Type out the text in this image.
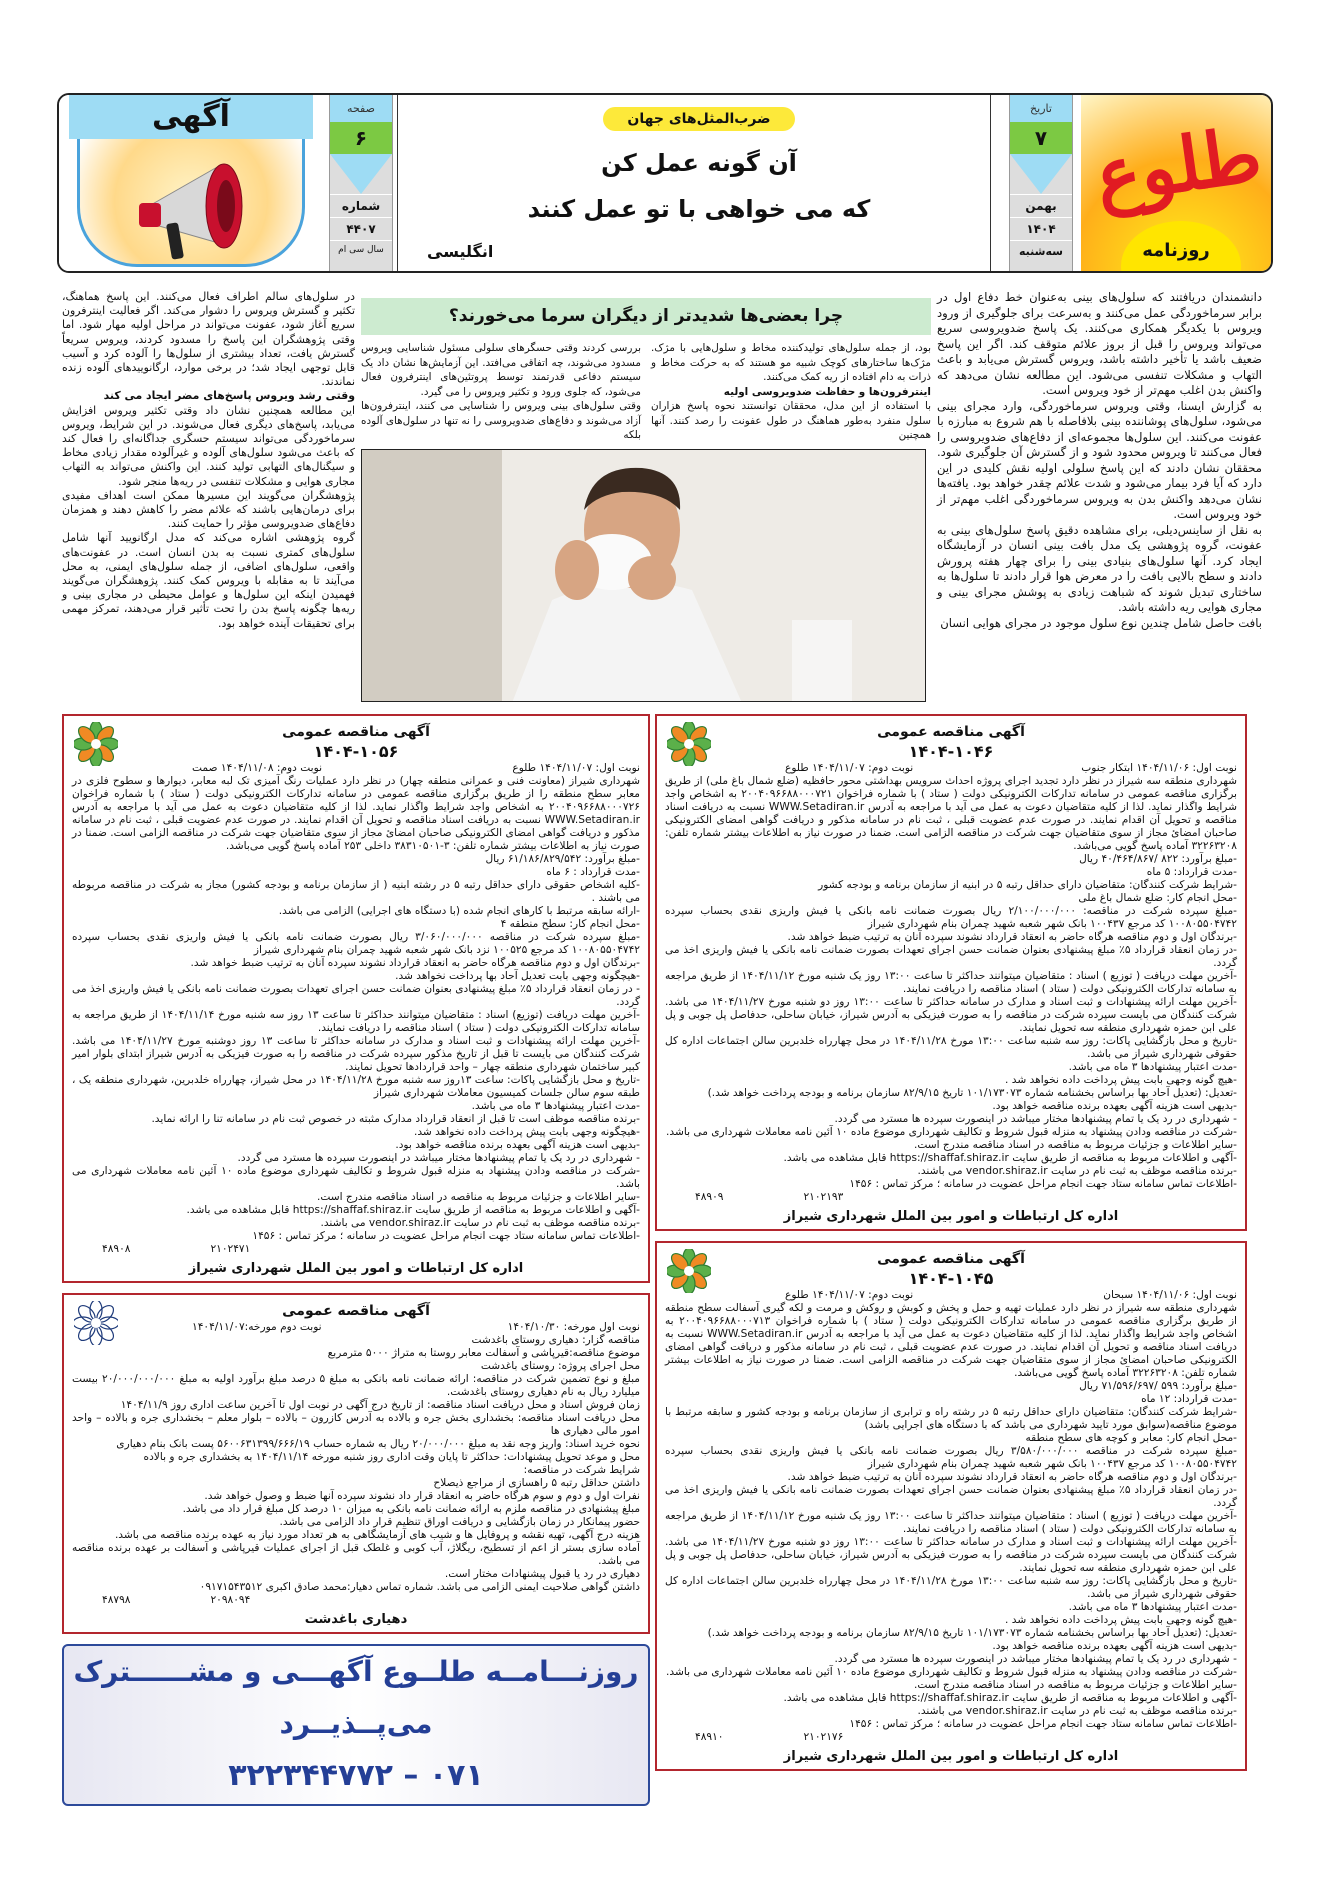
طلوع
روزنامه
تاریخ
۷
بهمن
۱۴۰۴
سه‌شنبه
ضرب‌المثل‌های جهان
آن گونه عمل کن
که می خواهی با تو عمل کنند
انگلیسی
صفحه
۶
شماره
۴۴۰۷
سال سی ام
آگهی

در سلول‌های سالم اطراف فعال می‌کنند. این پاسخ هماهنگ، تکثیر و گسترش ویروس را دشوار می‌کند. اگر فعالیت اینترفرون سریع آغاز شود، عفونت می‌تواند در مراحل اولیه مهار شود. اما وقتی پژوهشگران این پاسخ را مسدود کردند، ویروس سریعاً گسترش یافت، تعداد بیشتری از سلول‌ها را آلوده کرد و آسیب قابل توجهی ایجاد شد؛ در برخی موارد، ارگانوییدهای آلوده زنده نماندند.

وقتی رشد ویروس پاسخ‌های مضر ایجاد می کند

این مطالعه همچنین نشان داد وقتی تکثیر ویروس افزایش می‌یابد، پاسخ‌های دیگری فعال می‌شوند. در این شرایط، ویروس سرماخوردگی می‌تواند سیستم حسگری جداگانه‌ای را فعال کند که باعث می‌شود سلول‌های آلوده و غیرآلوده مقدار زیادی مخاط و سیگنال‌های التهابی تولید کنند. این واکنش می‌تواند به التهاب مجاری هوایی و مشکلات تنفسی در ریه‌ها منجر شود.

پژوهشگران می‌گویند این مسیرها ممکن است اهداف مفیدی برای درمان‌هایی باشند که علائم مضر را کاهش دهند و همزمان دفاع‌های ضدویروسی مؤثر را حمایت کنند.

گروه پژوهشی اشاره می‌کند که مدل ارگانویید آنها شامل سلول‌های کمتری نسبت به بدن انسان است. در عفونت‌های واقعی، سلول‌های اضافی، از جمله سلول‌های ایمنی، به محل می‌آیند تا به مقابله با ویروس کمک کنند. پژوهشگران می‌گویند فهمیدن اینکه این سلول‌ها و عوامل محیطی در مجاری بینی و ریه‌ها چگونه پاسخ بدن را تحت تأثیر قرار می‌دهند، تمرکز مهمی برای تحقیقات آینده خواهد بود.

چرا بعضی‌ها شدیدتر از دیگران سرما می‌خورند؟

بررسی کردند وقتی حسگرهای سلولی مسئول شناسایی ویروس مسدود می‌شوند، چه اتفاقی می‌افتد. این آزمایش‌ها نشان داد یک سیستم دفاعی قدرتمند توسط پروتئین‌های اینترفرون فعال می‌شود، که جلوی ورود و تکثیر ویروس را می گیرد.

وقتی سلول‌های بینی ویروس را شناسایی می کنند، اینترفرون‌ها آزاد می‌شوند و دفاع‌های ضدویروسی را نه تنها در سلول‌های آلوده بلکه

بود، از جمله سلول‌های تولیدکننده مخاط و سلول‌هایی با مژک. مژک‌ها ساختارهای کوچک شبیه مو هستند که به حرکت مخاط و ذرات به دام افتاده از ریه کمک می‌کنند.

اینترفرون‌ها و حفاظت ضدویروسی اولیه

با استفاده از این مدل، محققان توانستند نحوه پاسخ هزاران سلول منفرد به‌طور هماهنگ در طول عفونت را رصد کنند. آنها همچنین

دانشمندان دریافتند که سلول‌های بینی به‌عنوان خط دفاع اول در برابر سرماخوردگی عمل می‌کنند و به‌سرعت برای جلوگیری از ورود ویروس با یکدیگر همکاری می‌کنند. یک پاسخ ضدویروسی سریع می‌تواند ویروس را قبل از بروز علائم متوقف کند. اگر این پاسخ ضعیف باشد یا تأخیر داشته باشد، ویروس گسترش می‌یابد و باعث التهاب و مشکلات تنفسی می‌شود. این مطالعه نشان می‌دهد که واکنش بدن اغلب مهم‌تر از خود ویروس است.

به گزارش ایسنا، وقتی ویروس سرماخوردگی، وارد مجرای بینی می‌شود، سلول‌های پوشاننده بینی بلافاصله با هم شروع به مبارزه با عفونت می‌کنند. این سلول‌ها مجموعه‌ای از دفاع‌های ضدویروسی را فعال می‌کنند تا ویروس محدود شود و از گسترش آن جلوگیری شود. محققان نشان دادند که این پاسخ سلولی اولیه نقش کلیدی در این دارد که آیا فرد بیمار می‌شود و شدت علائم چقدر خواهد بود. یافته‌ها نشان می‌دهد واکنش بدن به ویروس سرماخوردگی اغلب مهم‌تر از خود ویروس است.

به نقل از ساینس‌دیلی، برای مشاهده دقیق پاسخ سلول‌های بینی به عفونت، گروه پژوهشی یک مدل بافت بینی انسان در آزمایشگاه ایجاد کرد. آنها سلول‌های بنیادی بینی را برای چهار هفته پرورش دادند و سطح بالایی بافت را در معرض هوا قرار دادند تا سلول‌ها به ساختاری تبدیل شوند که شباهت زیادی به پوشش مجرای بینی و مجاری هوایی ریه داشته باشد.

بافت حاصل شامل چندین نوع سلول موجود در مجرای هوایی انسان

آگهی مناقصه عمومی
۱۴۰۴-۱۰۵۶
نوبت اول: ۱۴۰۴/۱۱/۰۷ طلوع
نوبت دوم: ۱۴۰۴/۱۱/۰۸ صمت

شهرداری شیراز (معاونت فنی و عمرانی منطقه چهار) در نظر دارد عملیات رنگ آمیزی تک لبه معابر، دیوارها و سطوح فلزی در معابر سطح منطقه را از طریق برگزاری مناقصه عمومی در سامانه تدارکات الکترونیکی دولت ( ستاد ) با شماره فراخوان ۲۰۰۴۰۹۶۶۸۸۰۰۰۷۲۶ به اشخاص واجد شرایط واگذار نماید. لذا از کلیه متقاضیان دعوت به عمل می آید با مراجعه به آدرس WWW.Setadiran.ir نسبت به دریافت اسناد مناقصه و تحویل آن اقدام نمایند. در صورت عدم عضویت قبلی ، ثبت نام در سامانه مذکور و دریافت گواهی امضای الکترونیکی صاحبان امضائ مجاز از سوی متقاضیان جهت شرکت در مناقصه الزامی است. ضمنا در صورت نیاز به اطلاعات بیشتر شماره تلفن: ۳-۳۸۳۱۰۵۰۱ داخلی ۲۵۳ آماده پاسخ گویی می‌باشد.

-مبلغ برآورد: ۶۱/۱۸۶/۸۲۹/۵۴۲ ریال

-مدت قرارداد : ۶ ماه

-کلیه اشخاص حقوقی دارای حداقل رتبه ۵ در رشته ابنیه ( از سازمان برنامه و بودجه کشور) مجاز به شرکت در مناقصه مربوطه می باشند .

-ارائه سابقه مرتبط با کارهای انجام شده (با دستگاه های اجرایی) الزامی می باشد.

-محل انجام کار: سطح منطقه ۴

-مبلغ سپرده شرکت در مناقصه ۳/۰۶۰/۰۰۰/۰۰۰ ریال بصورت ضمانت نامه بانکی یا فیش واریزی نقدی بحساب سپرده ۱۰۰۸۰۵۵۰۴۷۴۲ کد مرجع ۱۰۰۵۲۵ نزد بانک شهر شعبه شهید چمران بنام شهرداری شیراز

-برندگان اول و دوم مناقصه هرگاه حاضر به انعقاد قرارداد نشوند سپرده آنان به ترتیب ضبط خواهد شد.

-هیچگونه وجهی بابت تعدیل آحاد بها پرداخت نخواهد شد.

- در زمان انعقاد قرارداد ۵٪ مبلغ پیشنهادی بعنوان ضمانت حسن اجرای تعهدات بصورت ضمانت نامه بانکی یا فیش واریزی اخذ می گردد.

-آخرین مهلت دریافت (توزیع) اسناد : متقاضیان میتوانند حداکثر تا ساعت ۱۳ روز سه شنبه مورخ ۱۴۰۴/۱۱/۱۴ از طریق مراجعه به سامانه تدارکات الکترونیکی دولت ( ستاد ) اسناد مناقصه را دریافت نمایند.

-آخرین مهلت ارائه پیشنهادات و ثبت اسناد و مدارک در سامانه حداکثر تا ساعت ۱۳ روز دوشنبه مورخ ۱۴۰۴/۱۱/۲۷ می باشد. شرکت کنندگان می بایست تا قبل از تاریخ مذکور سپرده شرکت در مناقصه را به صورت فیزیکی به آدرس شیراز ابتدای بلوار امیر کبیر ساختمان شهرداری منطقه چهار – واحد قراردادها تحویل نمایند.

-تاریخ و محل بازگشایی پاکات: ساعت ۱۳روز سه شنبه مورخ ۱۴۰۴/۱۱/۲۸ در محل شیراز، چهارراه خلدبرین، شهرداری منطقه یک ، طبقه سوم سالن جلسات کمیسیون معاملات شهرداری شیراز

-مدت اعتبار پیشنهادها ۳ ماه می باشد.

-برنده مناقصه موظف است تا قبل از انعقاد قرارداد مدارک مثبته در خصوص ثبت نام در سامانه تنا را ارائه نماید.

-هیچگونه وجهی بابت پیش پرداخت داده نخواهد شد.

-بدیهی است هزینه آگهی بعهده برنده مناقصه خواهد بود.

- شهرداری در رد یک یا تمام پیشنهادها مختار میباشد در اینصورت سپرده ها مسترد می گردد.

-شرکت در مناقصه ودادن پیشنهاد به منزله قبول شروط و تکالیف شهرداری موضوع ماده ۱۰ آئین نامه معاملات شهرداری می باشد.

-سایر اطلاعات و جزئیات مربوط به مناقصه در اسناد مناقصه مندرج است.

-آگهی و اطلاعات مربوط به مناقصه از طریق سایت https://shaffaf.shiraz.ir قابل مشاهده می باشد.

-برنده مناقصه موظف به ثبت نام در سایت vendor.shiraz.ir می باشند.

-اطلاعات تماس سامانه ستاد جهت انجام مراحل عضویت در سامانه ؛ مرکز تماس : ۱۴۵۶

۴۸۹۰۸	۲۱۰۲۴۷۱
اداره کل ارتباطات و امور بین الملل شهرداری شیراز
آگهی مناقصه عمومی
نوبت اول مورخه: ۱۴۰۴/۱۰/۳۰
نوبت دوم مورخه:۱۴۰۴/۱۱/۰۷

مناقصه گزار: دهیاری روستای باغدشت

موضوع مناقصه:قیرپاشی و آسفالت معابر روستا به متراژ ۵۰۰۰ مترمربع

محل اجرای پروژه: روستای باغدشت

مبلغ و نوع تضمین شرکت در مناقصه: ارائه ضمانت نامه بانکی به مبلغ ۵ درصد مبلغ برآورد اولیه به مبلغ ۲۰/۰۰۰/۰۰۰/۰۰۰ بیست میلیارد ریال به نام دهیاری روستای باغدشت.

زمان فروش اسناد و محل دریافت اسناد مناقصه: از تاریخ درج آگهی در نوبت اول تا آخرین ساعت اداری روز ۱۴۰۴/۱۱/۹

محل دریافت اسناد مناقصه: بخشداری بخش جره و بالاده به آدرس کازرون – بالاده – بلوار معلم – بخشداری جره و بالاده – واحد امور مالی دهیاری ها

نحوه خرید اسناد: واریز وجه نقد به مبلغ ۲۰/۰۰۰/۰۰۰ ریال به شماره حساب ۵۶۰۰۶۳۱۳۹۹/۶۶۶/۱۹ پست بانک بنام دهیاری

محل و موعد تحویل پیشنهادات: حداکثر تا پایان وقت اداری روز شنبه مورخه ۱۴۰۴/۱۱/۱۴ به بخشداری جره و بالاده

شرایط شرکت در مناقصه:

داشتن حداقل رتبه ۵ راهسازی از مراجع ذیصلاح

نفرات اول و دوم و سوم هرگاه حاضر به انعقاد قرار داد نشوند سپرده آنها ضبط و وصول خواهد شد.

مبلغ پیشنهادی در مناقصه ملزم به ارائه ضمانت نامه بانکی به میزان ۱۰ درصد کل مبلغ قرار داد می باشد.

حضور پیمانکار در زمان بازگشایی و دریافت اوراق تنظیم قرار داد الزامی می باشد.

هزینه درج آگهی، تهیه نقشه و پروفایل ها و شیب های آزمایشگاهی به هر تعداد مورد نیاز به عهده برنده مناقصه می باشد.

آماده سازی بستر از اعم از تسطیح، ریگلاژ، آب کوبی و غلطک قبل از اجرای عملیات قیرپاشی و آسفالت بر عهده برنده مناقصه می باشد.

دهیاری در رد یا قبول پیشنهادات مختار است.

داشتن گواهی صلاحیت ایمنی الزامی می باشد. شماره تماس دهیار:محمد صادق اکبری ۰۹۱۷۱۵۴۳۵۱۲

۴۸۷۹۸	۲۰۹۸۰۹۴
دهیاری باغدشت
روزنـــامــه طلــوع آگهـــی و مشــــــترک
می‌پــذیــرد
۰۷۱ – ۳۲۲۳۴۴۷۷۲
آگهی مناقصه عمومی
۱۴۰۴-۱۰۴۶
نوبت اول: ۱۴۰۴/۱۱/۰۶ ابتکار جنوب
نوبت دوم: ۱۴۰۴/۱۱/۰۷ طلوع

شهرداری منطقه سه شیراز در نظر دارد تجدید اجرای پروژه احداث سرویس بهداشتی محور حافظیه (ضلع شمال باغ ملی) از طریق برگزاری مناقصه عمومی در سامانه تدارکات الکترونیکی دولت ( ستاد ) با شماره فراخوان ۲۰۰۴۰۹۶۶۸۸۰۰۰۷۲۱ به اشخاص واجد شرایط واگذار نماید. لذا از کلیه متقاضیان دعوت به عمل می آید با مراجعه به آدرس WWW.Setadiran.ir نسبت به دریافت اسناد مناقصه و تحویل آن اقدام نمایند. در صورت عدم عضویت قبلی ، ثبت نام در سامانه مذکور و دریافت گواهی امضای الکترونیکی صاحبان امضائ مجاز از سوی متقاضیان جهت شرکت در مناقصه الزامی است. ضمنا در صورت نیاز به اطلاعات بیشتر شماره تلفن: ۳۲۲۶۳۲۰۸ آماده پاسخ گویی می‌باشد.

-مبلغ برآورد: ۸۲۲ /۴۰/۴۶۴/۸۶۷ ریال

-مدت قرارداد: ۵ ماه

-شرایط شرکت کنندگان: متقاضیان دارای حداقل رتبه ۵ در ابنیه از سازمان برنامه و بودجه کشور

-محل انجام کار: ضلع شمال باغ ملی

-مبلغ سپرده شرکت در مناقصه: ۲/۱۰۰/۰۰۰/۰۰۰ ریال بصورت ضمانت نامه بانکی یا فیش واریزی نقدی بحساب سپرده ۱۰۰۸۰۵۵۰۴۷۴۲ کد مرجع ۱۰۰۴۳۷ بانک شهر شعبه شهید چمران بنام شهرداری شیراز

-برندگان اول و دوم مناقصه هرگاه حاضر به انعقاد قرارداد نشوند سپرده آنان به ترتیب ضبط خواهد شد.

-در زمان انعقاد قرارداد ۵٪ مبلغ پیشنهادی بعنوان ضمانت حسن اجرای تعهدات بصورت ضمانت نامه بانکی یا فیش واریزی اخذ می گردد.

-آخرین مهلت دریافت ( توزیع ) اسناد : متقاضیان میتوانند حداکثر تا ساعت ۱۳:۰۰ روز یک شنبه مورخ ۱۴۰۴/۱۱/۱۲ از طریق مراجعه به سامانه تدارکات الکترونیکی دولت ( ستاد ) اسناد مناقصه را دریافت نمایند.

-آخرین مهلت ارائه پیشنهادات و ثبت اسناد و مدارک در سامانه حداکثر تا ساعت ۱۳:۰۰ روز دو شنبه مورخ ۱۴۰۴/۱۱/۲۷ می باشد. شرکت کنندگان می بایست سپرده شرکت در مناقصه را به صورت فیزیکی به آدرس شیراز، خیابان ساحلی، حدفاصل پل جوبی و پل علی ابن حمزه شهرداری منطقه سه تحویل نمایند.

-تاریخ و محل بازگشایی پاکات: روز سه شنبه ساعت ۱۳:۰۰ مورخ ۱۴۰۴/۱۱/۲۸ در محل چهارراه خلدبرین سالن اجتماعات اداره کل حقوقی شهرداری شیراز می باشد.

-مدت اعتبار پیشنهادها ۳ ماه می باشد.

-هیچ گونه وجهی بابت پیش پرداخت داده نخواهد شد .

-تعدیل: (تعدیل آحاد بها براساس بخشنامه شماره ۱۰۱/۱۷۳۰۷۳ تاریخ ۸۲/۹/۱۵ سازمان برنامه و بودجه پرداخت خواهد شد.)

-بدیهی است هزینه آگهی بعهده برنده مناقصه خواهد بود.

- شهرداری در رد یک یا تمام پیشنهادها مختار میباشد در اینصورت سپرده ها مسترد می گردد.

-شرکت در مناقصه ودادن پیشنهاد به منزله قبول شروط و تکالیف شهرداری موضوع ماده ۱۰ آئین نامه معاملات شهرداری می باشد.

-سایر اطلاعات و جزئیات مربوط به مناقصه در اسناد مناقصه مندرج است.

-آگهی و اطلاعات مربوط به مناقصه از طریق سایت https://shaffaf.shiraz.ir قابل مشاهده می باشد.

-برنده مناقصه موظف به ثبت نام در سایت vendor.shiraz.ir می باشند.

-اطلاعات تماس سامانه ستاد جهت انجام مراحل عضویت در سامانه ؛ مرکز تماس : ۱۴۵۶

۴۸۹۰۹	۲۱۰۲۱۹۳
اداره کل ارتباطات و امور بین الملل شهرداری شیراز
آگهی مناقصه عمومی
۱۴۰۴-۱۰۴۵
نوبت اول: ۱۴۰۴/۱۱/۰۶ سبحان
نوبت دوم: ۱۴۰۴/۱۱/۰۷ طلوع

شهرداری منطقه سه شیراز در نظر دارد عملیات تهیه و حمل و پخش و کوبش و روکش و مرمت و لکه گیری آسفالت سطح منطقه از طریق برگزاری مناقصه عمومی در سامانه تدارکات الکترونیکی دولت ( ستاد ) با شماره فراخوان ۲۰۰۴۰۹۶۶۸۸۰۰۰۷۱۳ به اشخاص واجد شرایط واگذار نماید. لذا از کلیه متقاضیان دعوت به عمل می آید با مراجعه به آدرس WWW.Setadiran.ir نسبت به دریافت اسناد مناقصه و تحویل آن اقدام نمایند. در صورت عدم عضویت قبلی ، ثبت نام در سامانه مذکور و دریافت گواهی امضای الکترونیکی صاحبان امضائ مجاز از سوی متقاضیان جهت شرکت در مناقصه الزامی است. ضمنا در صورت نیاز به اطلاعات بیشتر شماره تلفن: ۳۲۲۶۳۲۰۸ آماده پاسخ گویی می‌باشد.

-مبلغ برآورد: ۵۹۹ /۷۱/۵۹۶/۶۹۷ ریال

-مدت قرارداد: ۱۲ ماه

-شرایط شرکت کنندگان: متقاضیان دارای حداقل رتبه ۵ در رشته راه و ترابری از سازمان برنامه و بودجه کشور و سابقه مرتبط با موضوع مناقصه(سوابق مورد تایید شهرداری می باشد که با دستگاه های اجرایی باشد)

-محل انجام کار: معابر و کوچه های سطح منطقه

-مبلغ سپرده شرکت در مناقصه ۳/۵۸۰/۰۰۰/۰۰۰ ریال بصورت ضمانت نامه بانکی یا فیش واریزی نقدی بحساب سپرده ۱۰۰۸۰۵۵۰۴۷۴۲ کد مرجع ۱۰۰۴۳۷ بانک شهر شعبه شهید چمران بنام شهرداری شیراز

-برندگان اول و دوم مناقصه هرگاه حاضر به انعقاد قرارداد نشوند سپرده آنان به ترتیب ضبط خواهد شد.

-در زمان انعقاد قرارداد ۵٪ مبلغ پیشنهادی بعنوان ضمانت حسن اجرای تعهدات بصورت ضمانت نامه بانکی یا فیش واریزی اخذ می گردد.

-آخرین مهلت دریافت ( توزیع ) اسناد : متقاضیان میتوانند حداکثر تا ساعت ۱۳:۰۰ روز یک شنبه مورخ ۱۴۰۴/۱۱/۱۲ از طریق مراجعه به سامانه تدارکات الکترونیکی دولت ( ستاد ) اسناد مناقصه را دریافت نمایند.

-آخرین مهلت ارائه پیشنهادات و ثبت اسناد و مدارک در سامانه حداکثر تا ساعت ۱۳:۰۰ روز دو شنبه مورخ ۱۴۰۴/۱۱/۲۷ می باشد. شرکت کنندگان می بایست سپرده شرکت در مناقصه را به صورت فیزیکی به آدرس شیراز، خیابان ساحلی، حدفاصل پل جوبی و پل علی ابن حمزه شهرداری منطقه سه تحویل نمایند.

-تاریخ و محل بازگشایی پاکات: روز سه شنبه ساعت ۱۳:۰۰ مورخ ۱۴۰۴/۱۱/۲۸ در محل چهارراه خلدبرین سالن اجتماعات اداره کل حقوقی شهرداری شیراز می باشد.

-مدت اعتبار پیشنهادها ۳ ماه می باشد.

-هیچ گونه وجهی بابت پیش پرداخت داده نخواهد شد .

-تعدیل: (تعدیل آحاد بها براساس بخشنامه شماره ۱۰۱/۱۷۳۰۷۳ تاریخ ۸۲/۹/۱۵ سازمان برنامه و بودجه پرداخت خواهد شد.)

-بدیهی است هزینه آگهی بعهده برنده مناقصه خواهد بود.

- شهرداری در رد یک یا تمام پیشنهادها مختار میباشد در اینصورت سپرده ها مسترد می گردد.

-شرکت در مناقصه ودادن پیشنهاد به منزله قبول شروط و تکالیف شهرداری موضوع ماده ۱۰ آئین نامه معاملات شهرداری می باشد.

-سایر اطلاعات و جزئیات مربوط به مناقصه در اسناد مناقصه مندرج است.

-آگهی و اطلاعات مربوط به مناقصه از طریق سایت https://shaffaf.shiraz.ir قابل مشاهده می باشد.

-برنده مناقصه موظف به ثبت نام در سایت vendor.shiraz.ir می باشند.

-اطلاعات تماس سامانه ستاد جهت انجام مراحل عضویت در سامانه ؛ مرکز تماس : ۱۴۵۶

۴۸۹۱۰	۲۱۰۲۱۷۶
اداره کل ارتباطات و امور بین الملل شهرداری شیراز
